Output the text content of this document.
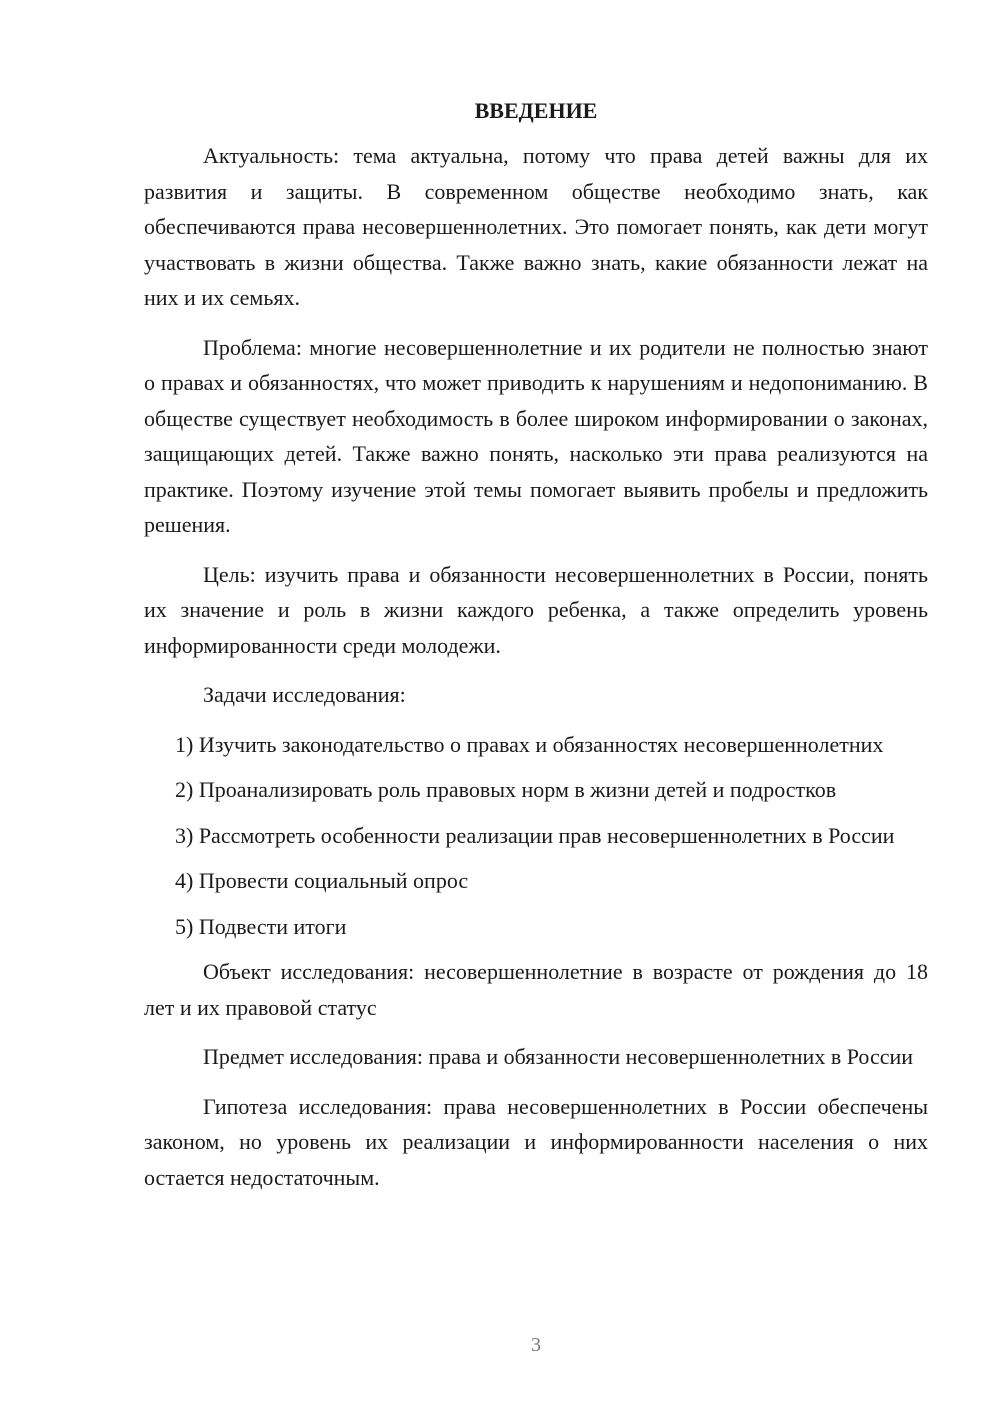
ВВЕДЕНИЕ

Актуальность: тема актуальна, потому что права детей важны для их развития и защиты. В современном обществе необходимо знать, как обеспечиваются права несовершеннолетних. Это помогает понять, как дети могут участвовать в жизни общества. Также важно знать, какие обязанности лежат на них и их семьях.

Проблема: многие несовершеннолетние и их родители не полностью знают о правах и обязанностях, что может приводить к нарушениям и недопониманию. В обществе существует необходимость в более широком информировании о законах, защищающих детей. Также важно понять, насколько эти права реализуются на практике. Поэтому изучение этой темы помогает выявить пробелы и предложить решения.

Цель: изучить права и обязанности несовершеннолетних в России, понять их значение и роль в жизни каждого ребенка, а также определить уровень информированности среди молодежи.

Задачи исследования:

1) Изучить законодательство о правах и обязанностях несовершеннолетних

2) Проанализировать роль правовых норм в жизни детей и подростков

3) Рассмотреть особенности реализации прав несовершеннолетних в России

4) Провести социальный опрос

5) Подвести итоги

Объект исследования: несовершеннолетние в возрасте от рождения до 18 лет и их правовой статус

Предмет исследования: права и обязанности несовершеннолетних в России

Гипотеза исследования: права несовершеннолетних в России обеспечены законом, но уровень их реализации и информированности населения о них остается недостаточным.

3
